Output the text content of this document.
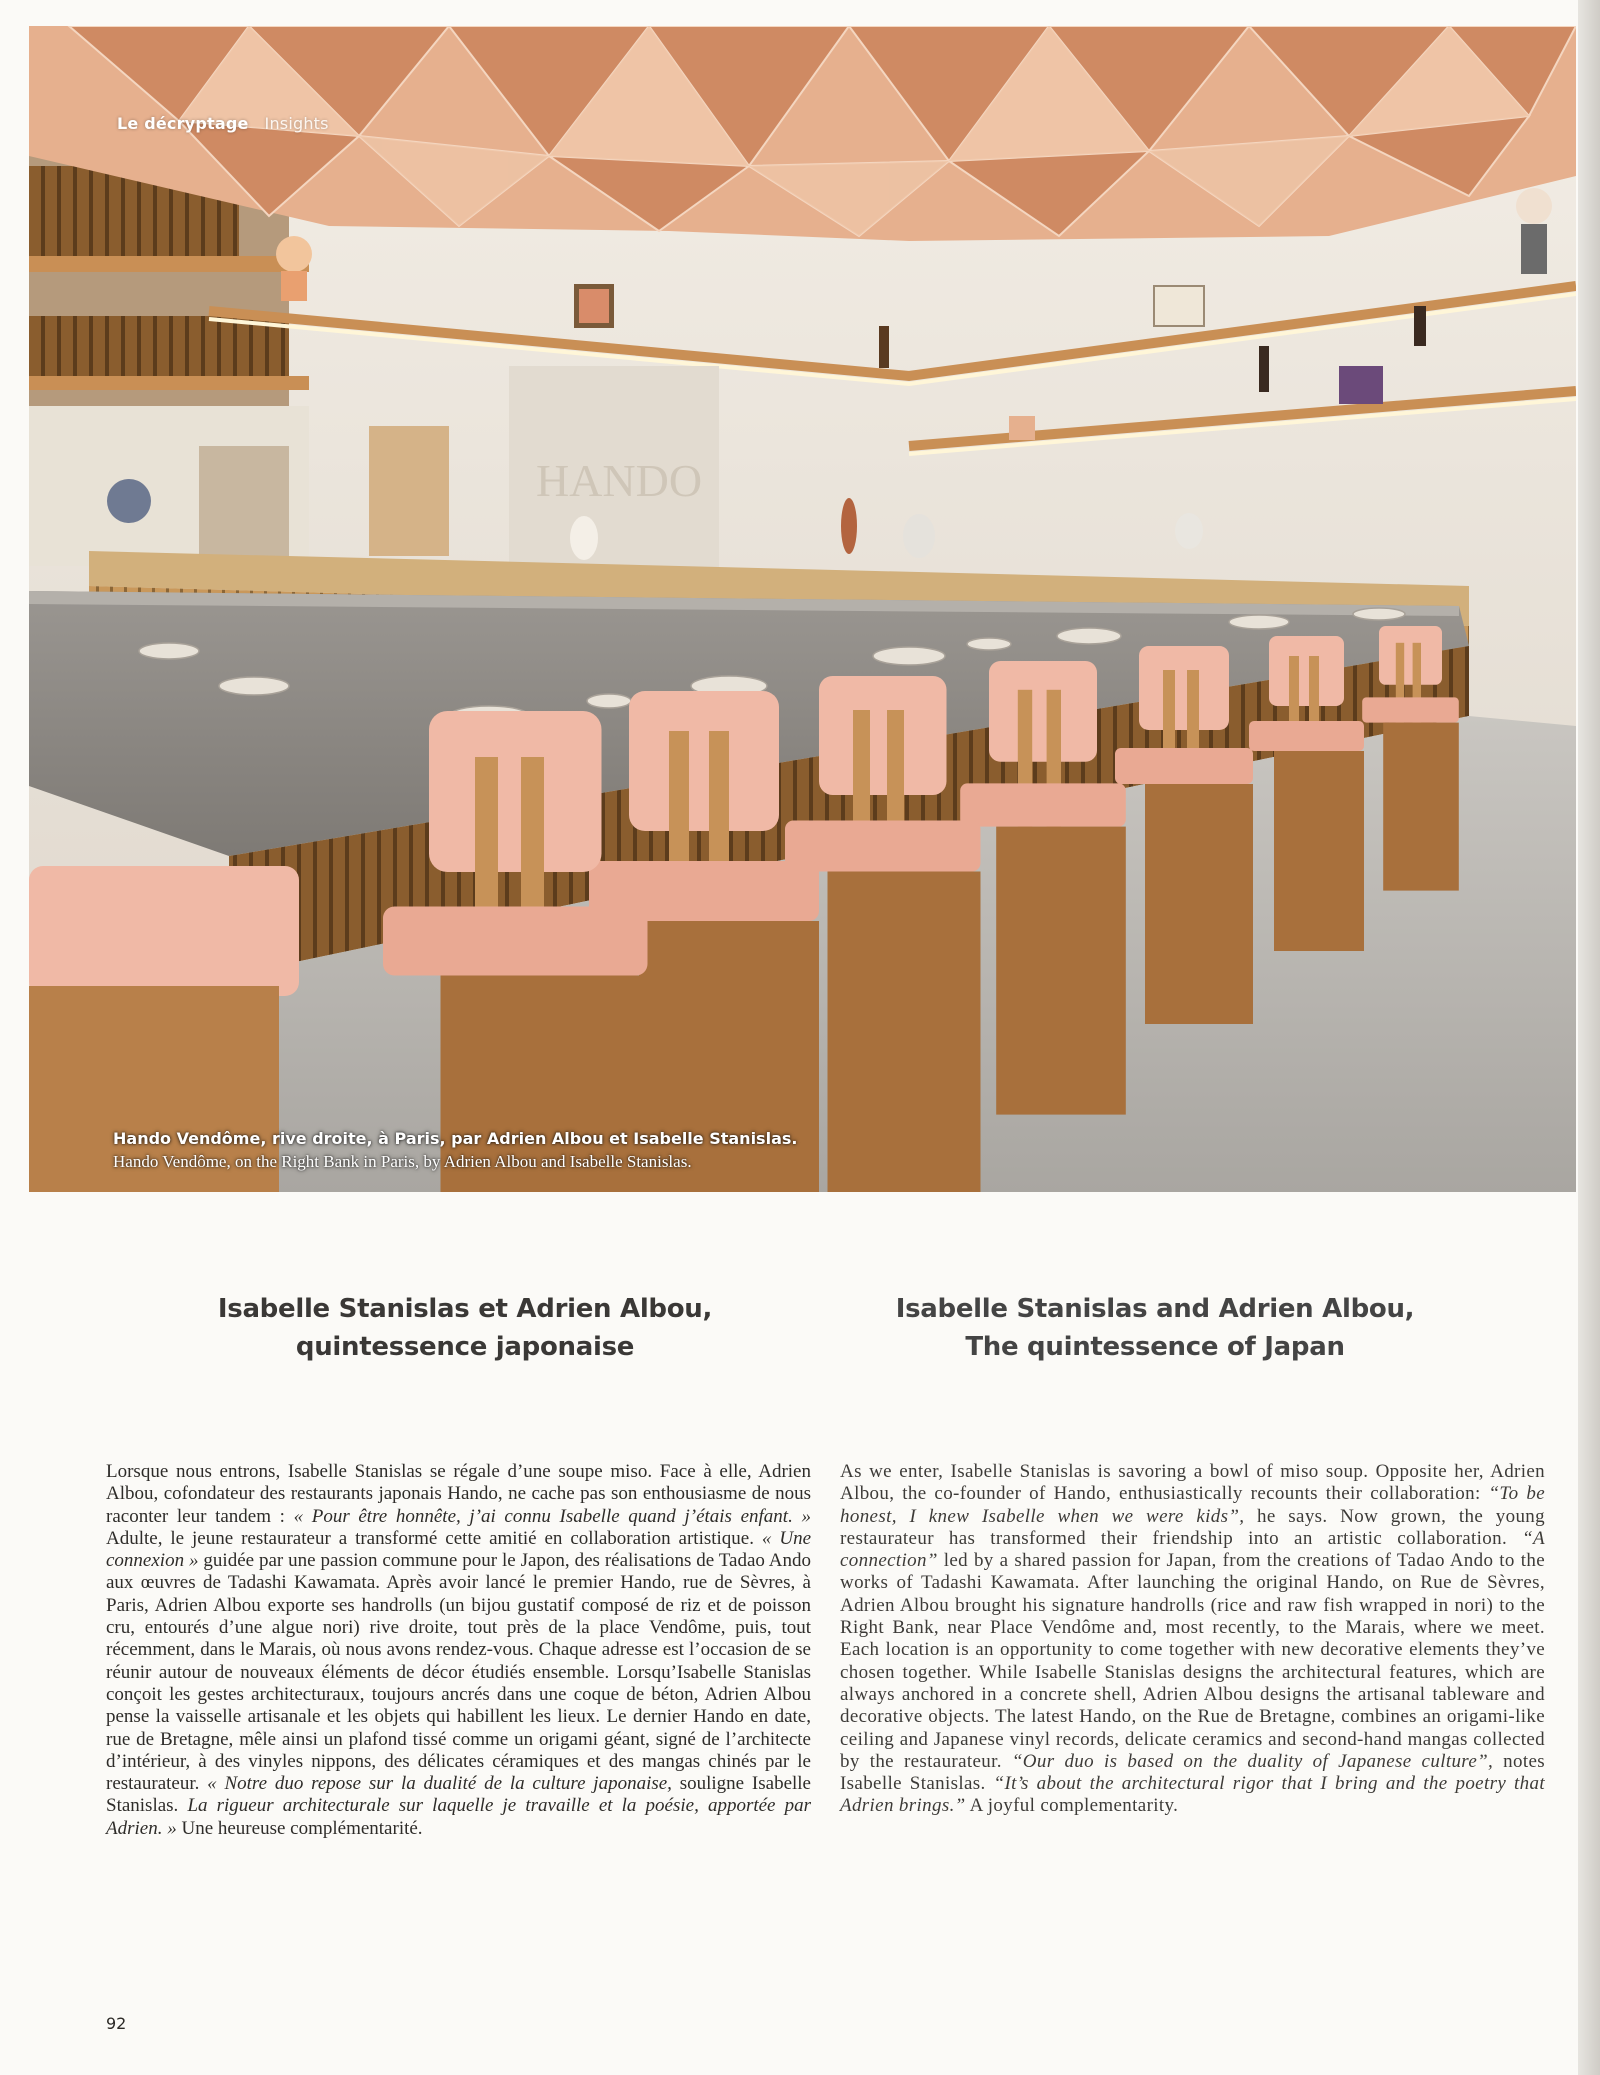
HANDO
Le décryptage Insights
Hando Vendôme, rive droite, à Paris, par Adrien Albou et Isabelle Stanislas.
Hando Vendôme, on the Right Bank in Paris, by Adrien Albou and Isabelle Stanislas.
Isabelle Stanislas et Adrien Albou,
quintessence japonaise
Isabelle Stanislas and Adrien Albou,
The quintessence of Japan

Lorsque nous entrons, Isabelle Stanislas se régale d’une soupe miso. Face à elle, Adrien Albou, cofondateur des restaurants japonais Hando, ne cache pas son enthousiasme de nous raconter leur tandem : « Pour être honnête, j’ai connu Isabelle quand j’étais enfant. » Adulte, le jeune restaurateur a transformé cette amitié en collaboration artistique. « Une connexion » guidée par une passion commune pour le Japon, des réalisations de Tadao Ando aux œuvres de Tadashi Kawamata. Après avoir lancé le premier Hando, rue de Sèvres, à Paris, Adrien Albou exporte ses handrolls (un bijou gustatif composé de riz et de poisson cru, entourés d’une algue nori) rive droite, tout près de la place Vendôme, puis, tout récemment, dans le Marais, où nous avons rendez-vous. Chaque adresse est l’occasion de se réunir autour de nouveaux éléments de décor étudiés ensemble. Lorsqu’Isabelle Stanislas conçoit les gestes architecturaux, toujours ancrés dans une coque de béton, Adrien Albou pense la vaisselle artisanale et les objets qui habillent les lieux. Le dernier Hando en date, rue de Bretagne, mêle ainsi un plafond tissé comme un origami géant, signé de l’architecte d’intérieur, à des vinyles nippons, des délicates céramiques et des mangas chinés par le restaurateur. « Notre duo repose sur la dualité de la culture japonaise, souligne Isabelle Stanislas. La rigueur architecturale sur laquelle je travaille et la poésie, apportée par Adrien. » Une heureuse complémentarité.

As we enter, Isabelle Stanislas is savoring a bowl of miso soup. Opposite her, Adrien Albou, the co-founder of Hando, enthusiastically recounts their collaboration: “To be honest, I knew Isabelle when we were kids”, he says. Now grown, the young restaurateur has transformed their friendship into an artistic collaboration. “A connection” led by a shared passion for Japan, from the creations of Tadao Ando to the works of Tadashi Kawamata. After launching the original Hando, on Rue de Sèvres, Adrien Albou brought his signature handrolls (rice and raw fish wrapped in nori) to the Right Bank, near Place Vendôme and, most recently, to the Marais, where we meet. Each location is an opportunity to come together with new decorative elements they’ve chosen together. While Isabelle Stanislas designs the architectural features, which are always anchored in a concrete shell, Adrien Albou designs the artisanal tableware and decorative objects. The latest Hando, on the Rue de Bretagne, combines an origami-like ceiling and Japanese vinyl records, delicate ceramics and second-hand mangas collected by the restaurateur. “Our duo is based on the duality of Japanese culture”, notes Isabelle Stanislas. “It’s about the architectural rigor that I bring and the poetry that Adrien brings.” A joyful complementarity.

92
